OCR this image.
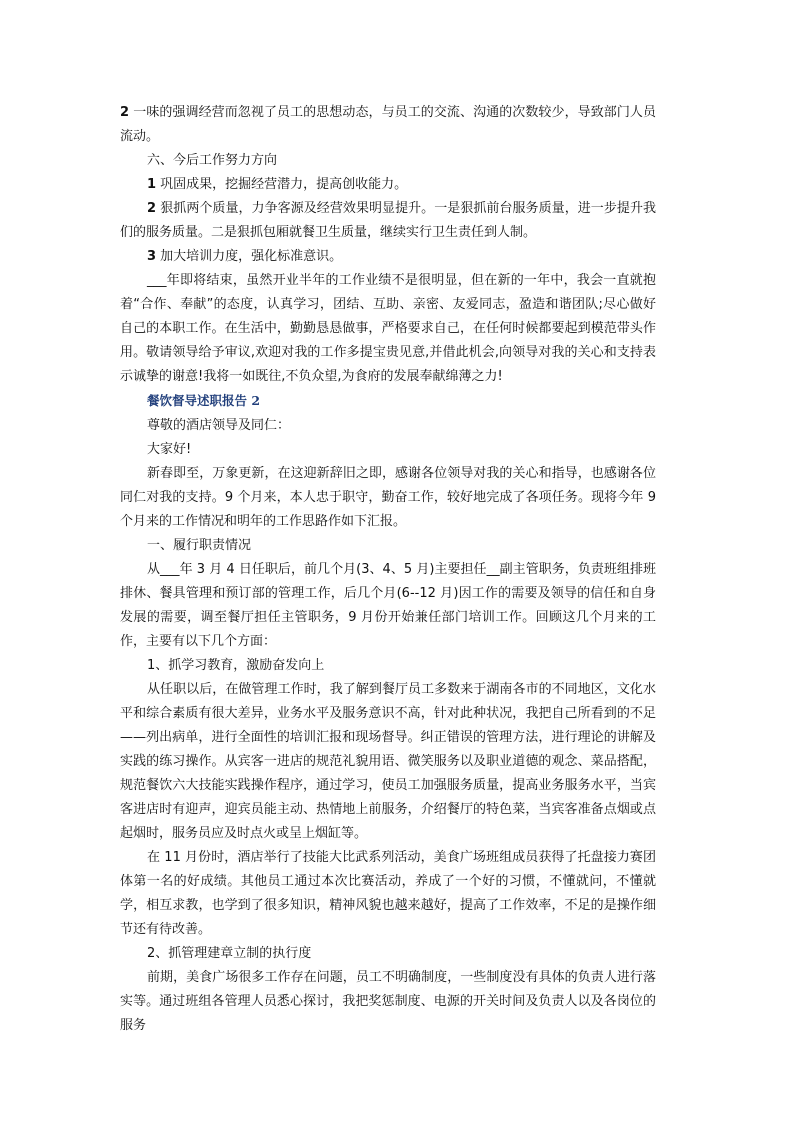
2 一味的强调经营而忽视了员工的思想动态，与员工的交流、沟通的次数较少，导致部门人员流动。

六、今后工作努力方向

1 巩固成果，挖掘经营潜力，提高创收能力。

2 狠抓两个质量，力争客源及经营效果明显提升。一是狠抓前台服务质量，进一步提升我们的服务质量。二是狠抓包厢就餐卫生质量，继续实行卫生责任到人制。

3 加大培训力度，强化标准意识。

___年即将结束，虽然开业半年的工作业绩不是很明显，但在新的一年中，我会一直就抱着“合作、奉献”的态度，认真学习，团结、互助、亲密、友爱同志，盈造和谐团队;尽心做好自己的本职工作。在生活中，勤勤恳恳做事，严格要求自己，在任何时候都要起到模范带头作用。敬请领导给予审议,欢迎对我的工作多提宝贵见意,并借此机会,向领导对我的关心和支持表示诚挚的谢意!我将一如既往,不负众望,为食府的发展奉献绵薄之力!

餐饮督导述职报告 2

尊敬的酒店领导及同仁：

大家好!

新春即至，万象更新，在这迎新辞旧之即，感谢各位领导对我的关心和指导，也感谢各位同仁对我的支持。9 个月来，本人忠于职守，勤奋工作，较好地完成了各项任务。现将今年 9 个月来的工作情况和明年的工作思路作如下汇报。

一、履行职责情况

从___年 3 月 4 日任职后，前几个月(3、4、5 月)主要担任__副主管职务，负责班组排班排休、餐具管理和预订部的管理工作，后几个月(6--12 月)因工作的需要及领导的信任和自身发展的需要，调至餐厅担任主管职务，9 月份开始兼任部门培训工作。回顾这几个月来的工作，主要有以下几个方面：

1、抓学习教育，激励奋发向上

从任职以后，在做管理工作时，我了解到餐厅员工多数来于湖南各市的不同地区，文化水平和综合素质有很大差异，业务水平及服务意识不高，针对此种状况，我把自己所看到的不足——列出病单，进行全面性的培训汇报和现场督导。纠正错误的管理方法，进行理论的讲解及实践的练习操作。从宾客一进店的规范礼貌用语、微笑服务以及职业道德的观念、菜品搭配，规范餐饮六大技能实践操作程序，通过学习，使员工加强服务质量，提高业务服务水平，当宾客进店时有迎声，迎宾员能主动、热情地上前服务，介绍餐厅的特色菜，当宾客准备点烟或点起烟时，服务员应及时点火或呈上烟缸等。

在 11 月份时，酒店举行了技能大比武系列活动，美食广场班组成员获得了托盘接力赛团体第一名的好成绩。其他员工通过本次比赛活动，养成了一个好的习惯，不懂就问，不懂就学，相互求教，也学到了很多知识，精神风貌也越来越好，提高了工作效率，不足的是操作细节还有待改善。

2、抓管理建章立制的执行度

前期，美食广场很多工作存在问题，员工不明确制度，一些制度没有具体的负责人进行落实等。通过班组各管理人员悉心探讨，我把奖惩制度、电源的开关时间及负责人以及各岗位的服务
